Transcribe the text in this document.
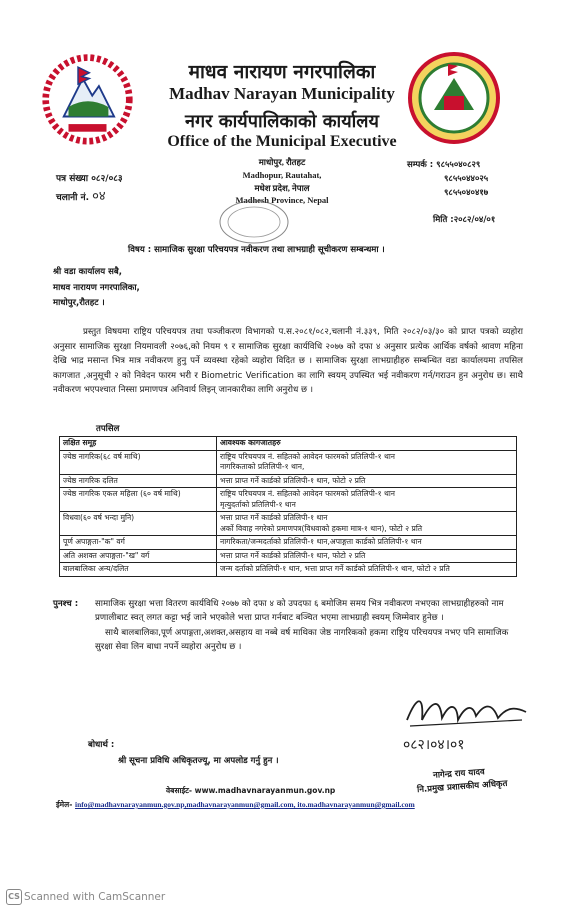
माधव नारायण नगरपालिका
Madhav Narayan Municipality
नगर कार्यपालिकाको कार्यालय
Office of the Municipal Executive
माधोपुर, रौतहट
Madhopur, Rautahat,
मधेश प्रदेश, नेपाल
Madhesh Province, Nepal
पत्र संख्या ०८२/०८३
चलानी नं. ०४
सम्पर्क : ९८५५०४०८२९
९८५५०४४०२५
९८५५०४०४१७
मिति :२०८२/०४/०१
विषय : सामाजिक सुरक्षा परिचयपत्र नवीकरण तथा लाभग्राही सूचीकरण सम्बन्धमा ।
श्री वडा कार्यालय सबै,
माधव नारायण नगरपालिका,
माधोपुर,रौतहट ।
प्रस्तुत विषयमा राष्ट्रिय परिचयपत्र तथा पञ्जीकरण विभागको प.स.२०८१/०८२,चलानी नं.३३९, मिति २०८२/०३/३० को प्राप्त पत्रको व्यहोरा अनुसार सामाजिक सुरक्षा नियमावली २०७६,को नियम ९ र सामाजिक सुरक्षा कार्यविधि २०७७ को दफा ४ अनुसार प्रत्येक आर्थिक वर्षको श्रावण महिना देखि भाद्र मसान्त भित्र मात्र नवीकरण हुनु पर्ने व्यवस्था रहेको व्यहोरा विदित छ । सामाजिक सुरक्षा लाभग्राहीहरु सम्बन्धित वडा कार्यालयमा तपसिल कागजात ,अनुसूची २ को निवेदन फारम भरी र Biometric Verification का लागि स्वयम् उपस्थित भई नवीकरण गर्न/गराउन हुन अनुरोध छ। साथै नवीकरण भएपश्चात निस्सा प्रमाणपत्र अनिवार्य लिइन् जानकारीका लागि अनुरोध छ ।
तपसिल
लक्षित समूह	आवश्यक कागजातहरु
ज्येष्ठ नागरिक(६८ वर्ष माथि)	राष्ट्रिय परिचयपत्र नं. सहितको आवेदन फारमको प्रतिलिपी-१ थान
नागरिकताको प्रतिलिपी-१ थान,

ज्येष्ठ नागरिक दलित	भत्ता प्राप्त गर्ने कार्डको प्रतिलिपी-१ थान, फोटो २ प्रति
ज्येष्ठ नागरिक एकल महिला (६० वर्ष माथि)	राष्ट्रिय परिचयपत्र नं. सहितको आवेदन फारमको प्रतिलिपी-१ थान
मृत्युदर्ताको प्रतिलिपी-१ थान

विधवा(६० वर्ष भन्दा मुनि)	भत्ता प्राप्त गर्ने कार्डको प्रतिलिपी-१ थान
अर्को विवाह नगरेको प्रमाणपत्र(विधवाको हकमा मात्र-१ थान), फोटो २ प्रति

पूर्ण अपाङ्गता-"क" वर्ग	नागरिकता/जन्मदर्ताको प्रतिलिपी-१ थान,अपाङ्गता कार्डको प्रतिलिपी-१ थान
अति अशक्त अपाङ्गता-"ख" वर्ग	भत्ता प्राप्त गर्ने कार्डको प्रतिलिपी-१ थान, फोटो २ प्रति
बालबालिका अन्य/दलित	जन्म दर्ताको प्रतिलिपी-१ थान, भत्ता प्राप्त गर्ने कार्डको प्रतिलिपी-१ थान, फोटो २ प्रति
पुनश्च : सामाजिक सुरक्षा भत्ता वितरण कार्यविधि २०७७ को दफा ४ को उपदफा ६ बमोजिम समय भित्र नवीकरण नभएका लाभग्राहीहरुको नाम प्रणालीबाट स्वत् लगत कट्टा भई जाने भएकोले भत्ता प्राप्त गर्नबाट बञ्चित भएमा लाभग्राही स्वयम् जिम्मेवार हुनेछ ।
साथै बालबालिका,पूर्ण अपाङ्गता,अशक्त,असहाय वा नब्बे वर्ष माथिका जेष्ठ नागरिकको हकमा राष्ट्रिय परिचयपत्र नभए पनि सामाजिक सुरक्षा सेवा लिन बाधा नपर्ने व्यहोरा अनुरोध छ ।
०८२।०४।०१
नागेन्द्र राय यादव
नि.प्रमुख प्रशासकीय अधिकृत
बोधार्थ :
श्री सूचना प्रविधि अधिकृतज्यू, मा अपलोड गर्नु हुन ।
वेबसाईट- www.madhavnarayanmun.gov.np
ईमेल- info@madhavnarayanmun.gov.np,madhavnarayanmun@gmail.com, ito.madhavnarayanmun@gmail.com
CS Scanned with CamScanner
